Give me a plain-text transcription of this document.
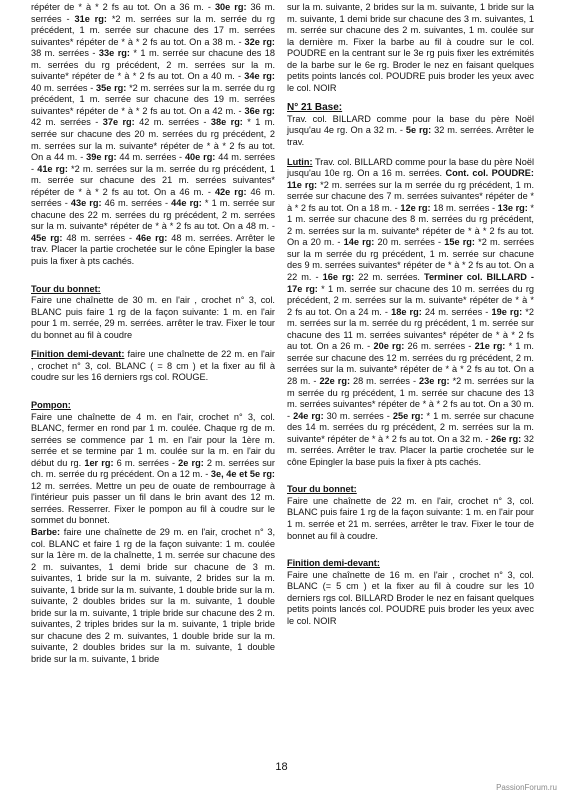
répéter de * à * 2 fs au tot. On a 36 m. - 30e rg: 36 m. serrées - 31e rg: *2 m. serrées sur la m. serrée du rg précédent, 1 m. serrée sur chacune des 17 m. serrées suivantes* répéter de * à * 2 fs au tot. On a 38 m. - 32e rg: 38 m. serrées - 33e rg: * 1 m. serrée sur chacune des 18 m. serrées du rg précédent, 2 m. serrées sur la m. suivante* répéter de * à * 2 fs au tot. On a 40 m. - 34e rg: 40 m. serrées - 35e rg: *2 m. serrées sur la m. serrée du rg précédent, 1 m. serrée sur chacune des 19 m. serrées suivantes* répéter de * à * 2 fs au tot. On a 42 m. - 36e rg: 42 m. serrées - 37e rg: 42 m. serrées - 38e rg: * 1 m. serrée sur chacune des 20 m. serrées du rg précédent, 2 m. serrées sur la m. suivante* répéter de * à * 2 fs au tot. On a 44 m. - 39e rg: 44 m. serrées - 40e rg: 44 m. serrées - 41e rg: *2 m. serrées sur la m. serrée du rg précédent, 1 m. serrée sur chacune des 21 m. serrées suivantes* répéter de * à * 2 fs au tot. On a 46 m. - 42e rg: 46 m. serrées - 43e rg: 46 m. serrées - 44e rg: * 1 m. serrée sur chacune des 22 m. serrées du rg précédent, 2 m. serrées sur la m. suivante* répéter de * à * 2 fs au tot. On a 48 m. - 45e rg: 48 m. serrées - 46e rg: 48 m. serrées. Arrêter le trav. Placer la partie crochetée sur le cône Epingler la base puis la fixer à pts cachés.

Tour du bonnet:

Faire une chaînette de 30 m. en l'air , crochet n° 3, col. BLANC puis faire 1 rg de la façon suivante: 1 m. en l'air pour 1 m. serrée, 29 m. serrées. arrêter le trav. Fixer le tour du bonnet au fil à coudre

Finition demi-devant: faire une chaînette de 22 m. en l'air , crochet n° 3, col. BLANC ( = 8 cm ) et la fixer au fil à coudre sur les 16 derniers rgs col. ROUGE.

Pompon:

Faire une chaînette de 4 m. en l'air, crochet n° 3, col. BLANC, fermer en rond par 1 m. coulée. Chaque rg de m. serrées se commence par 1 m. en l'air pour la 1ère m. serrée et se termine par 1 m. coulée sur la m. en l'air du début du rg. 1er rg: 6 m. serrées - 2e rg: 2 m. serrées sur ch. m. serrée du rg précédent. On a 12 m. - 3e, 4e et 5e rg: 12 m. serrées. Mettre un peu de ouate de rembourrage à l'intérieur puis passer un fil dans le brin avant des 12 m. serrées. Resserrer. Fixer le pompon au fil à coudre sur le sommet du bonnet.

Barbe: faire une chaînette de 29 m. en l'air, crochet n° 3, col. BLANC et faire 1 rg de la façon suivante: 1 m. coulée sur la 1ère m. de la chaînette, 1 m. serrée sur chacune des 2 m. suivantes, 1 demi bride sur chacune de 3 m. suivantes, 1 bride sur la m. suivante, 2 brides sur la m. suivante, 1 bride sur la m. suivante, 1 double bride sur la m. suivante, 2 doubles brides sur la m. suivante, 1 double bride sur la m. suivante, 1 triple bride sur chacune des 2 m. suivantes, 2 triples brides sur la m. suivante, 1 triple bride sur chacune des 2 m. suivantes, 1 double bride sur la m. suivante, 2 doubles brides sur la m. suivante, 1 double bride sur la m. suivante, 1 bride

sur la m. suivante, 2 brides sur la m. suivante, 1 bride sur la m. suivante, 1 demi bride sur chacune des 3 m. suivantes, 1 m. serrée sur chacune des 2 m. suivantes, 1 m. coulée sur la dernière m. Fixer la barbe au fil à coudre sur le col. POUDRE en la centrant sur le 3e rg puis fixer les extrémités de la barbe sur le 6e rg. Broder le nez en faisant quelques petits points lancés col. POUDRE puis broder les yeux avec le col. NOIR

N° 21 Base:

Trav. col. BILLARD comme pour la base du père Noël jusqu'au 4e rg. On a 32 m. - 5e rg: 32 m. serrées. Arrêter le trav.

Lutin: Trav. col. BILLARD comme pour la base du père Noël jusqu'au 10e rg. On a 16 m. serrées. Cont. col. POUDRE: 11e rg: *2 m. serrées sur la m serrée du rg précédent, 1 m. serrée sur chacune des 7 m. serrées suivantes* répéter de * à * 2 fs au tot. On a 18 m. - 12e rg: 18 m. serrées - 13e rg: * 1 m. serrée sur chacune des 8 m. serrées du rg précédent, 2 m. serrées sur la m. suivante* répéter de * à * 2 fs au tot. On a 20 m. - 14e rg: 20 m. serrées - 15e rg: *2 m. serrées sur la m serrée du rg précédent, 1 m. serrée sur chacune des 9 m. serrées suivantes* répéter de * à * 2 fs au tot. On a 22 m. - 16e rg: 22 m. serrées. Terminer col. BILLARD - 17e rg: * 1 m. serrée sur chacune des 10 m. serrées du rg précédent, 2 m. serrées sur la m. suivante* répéter de * à * 2 fs au tot. On a 24 m. - 18e rg: 24 m. serrées - 19e rg: *2 m. serrées sur la m. serrée du rg précédent, 1 m. serrée sur chacune des 11 m. serrées suivantes* répéter de * à * 2 fs au tot. On a 26 m. - 20e rg: 26 m. serrées - 21e rg: * 1 m. serrée sur chacune des 12 m. serrées du rg précédent, 2 m. serrées sur la m. suivante* répéter de * à * 2 fs au tot. On a 28 m. - 22e rg: 28 m. serrées - 23e rg: *2 m. serrées sur la m serrée du rg précédent, 1 m. serrée sur chacune des 13 m. serrées suivantes* répéter de * à * 2 fs au tot. On a 30 m. - 24e rg: 30 m. serrées - 25e rg: * 1 m. serrée sur chacune des 14 m. serrées du rg précédent, 2 m. serrées sur la m. suivante* répéter de * à * 2 fs au tot. On a 32 m. - 26e rg: 32 m. serrées. Arrêter le trav. Placer la partie crochetée sur le cône Epingler la base puis la fixer à pts cachés.

Tour du bonnet:

Faire une chaînette de 22 m. en l'air, crochet n° 3, col. BLANC puis faire 1 rg de la façon suivante: 1 m. en l'air pour 1 m. serrée et 21 m. serrées, arrêter le trav. Fixer le tour de bonnet au fil à coudre.

Finition demi-devant:

Faire une chaînette de 16 m. en l'air , crochet n° 3, col. BLANC (= 5 cm ) et la fixer au fil à coudre sur les 10 derniers rgs col. BILLARD Broder le nez en faisant quelques petits points lancés col. POUDRE puis broder les yeux avec le col. NOIR

18
PassionForum.ru
